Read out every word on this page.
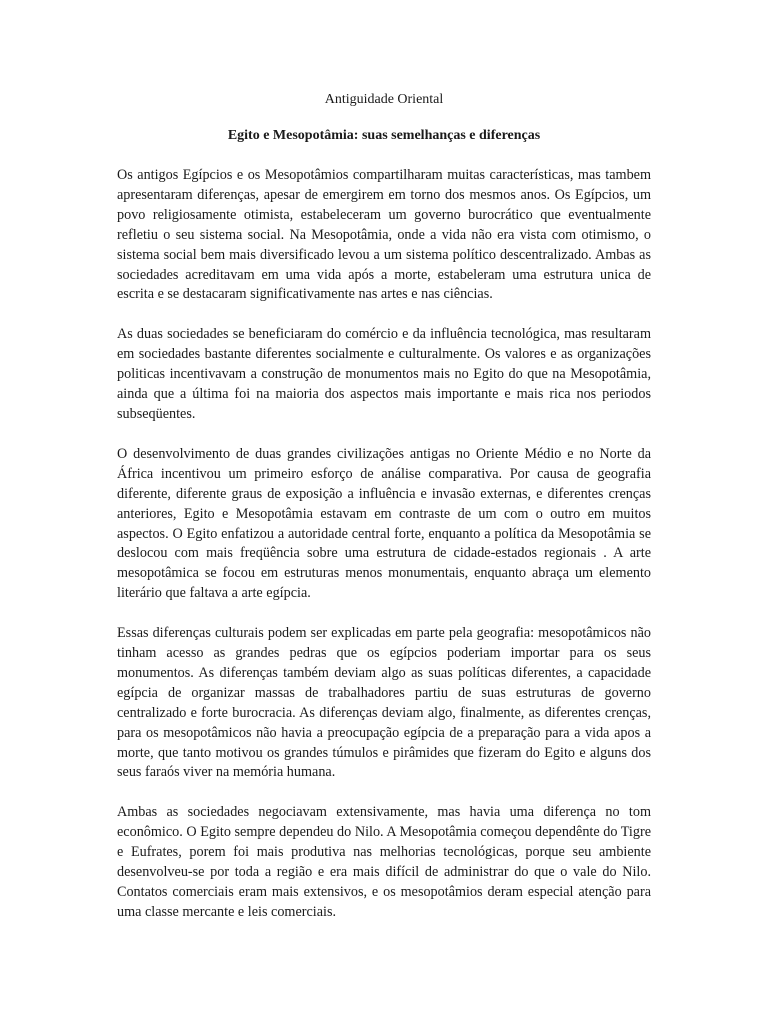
Antiguidade Oriental
Egito e Mesopotâmia: suas semelhanças e diferenças

Os antigos Egípcios e os Mesopotâmios compartilharam muitas características, mas tambem apresentaram diferenças, apesar de emergirem em torno dos mesmos anos. Os Egípcios, um povo religiosamente otimista, estabeleceram um governo burocrático que eventualmente refletiu o seu sistema social. Na Mesopotâmia, onde a vida não era vista com otimismo, o sistema social bem mais diversificado levou a um sistema político descentralizado. Ambas as sociedades acreditavam em uma vida após a morte, estabeleram uma estrutura unica de escrita e se destacaram significativamente nas artes e nas ciências.

As duas sociedades se beneficiaram do comércio e da influência tecnológica, mas resultaram em sociedades bastante diferentes socialmente e culturalmente. Os valores e as organizações politicas incentivavam a construção de monumentos mais no Egito do que na Mesopotâmia, ainda que a última foi na maioria dos aspectos mais importante e mais rica nos periodos subseqüentes.

O desenvolvimento de duas grandes civilizações antigas no Oriente Médio e no Norte da África incentivou um primeiro esforço de análise comparativa. Por causa de geografia diferente, diferente graus de exposição a influência e invasão externas, e diferentes crenças anteriores, Egito e Mesopotâmia estavam em contraste de um com o outro em muitos aspectos. O Egito enfatizou a autoridade central forte, enquanto a política da Mesopotâmia se deslocou com mais freqüência sobre uma estrutura de cidade-estados regionais . A arte mesopotâmica se focou em estruturas menos monumentais, enquanto abraça um elemento literário que faltava a arte egípcia.

Essas diferenças culturais podem ser explicadas em parte pela geografia: mesopotâmicos não tinham acesso as grandes pedras que os egípcios poderiam importar para os seus monumentos. As diferenças também deviam algo as suas políticas diferentes, a capacidade egípcia de organizar massas de trabalhadores partiu de suas estruturas de governo centralizado e forte burocracia. As diferenças deviam algo, finalmente, as diferentes crenças, para os mesopotâmicos não havia a preocupação egípcia de a preparação para a vida apos a morte, que tanto motivou os grandes túmulos e pirâmides que fizeram do Egito e alguns dos seus faraós viver na memória humana.

Ambas as sociedades negociavam extensivamente, mas havia uma diferença no tom econômico. O Egito sempre dependeu do Nilo. A Mesopotâmia começou dependênte do Tigre e Eufrates, porem foi mais produtiva nas melhorias tecnológicas, porque seu ambiente desenvolveu-se por toda a região e era mais difícil de administrar do que o vale do Nilo. Contatos comerciais eram mais extensivos, e os mesopotâmios deram especial atenção para uma classe mercante e leis comerciais.
